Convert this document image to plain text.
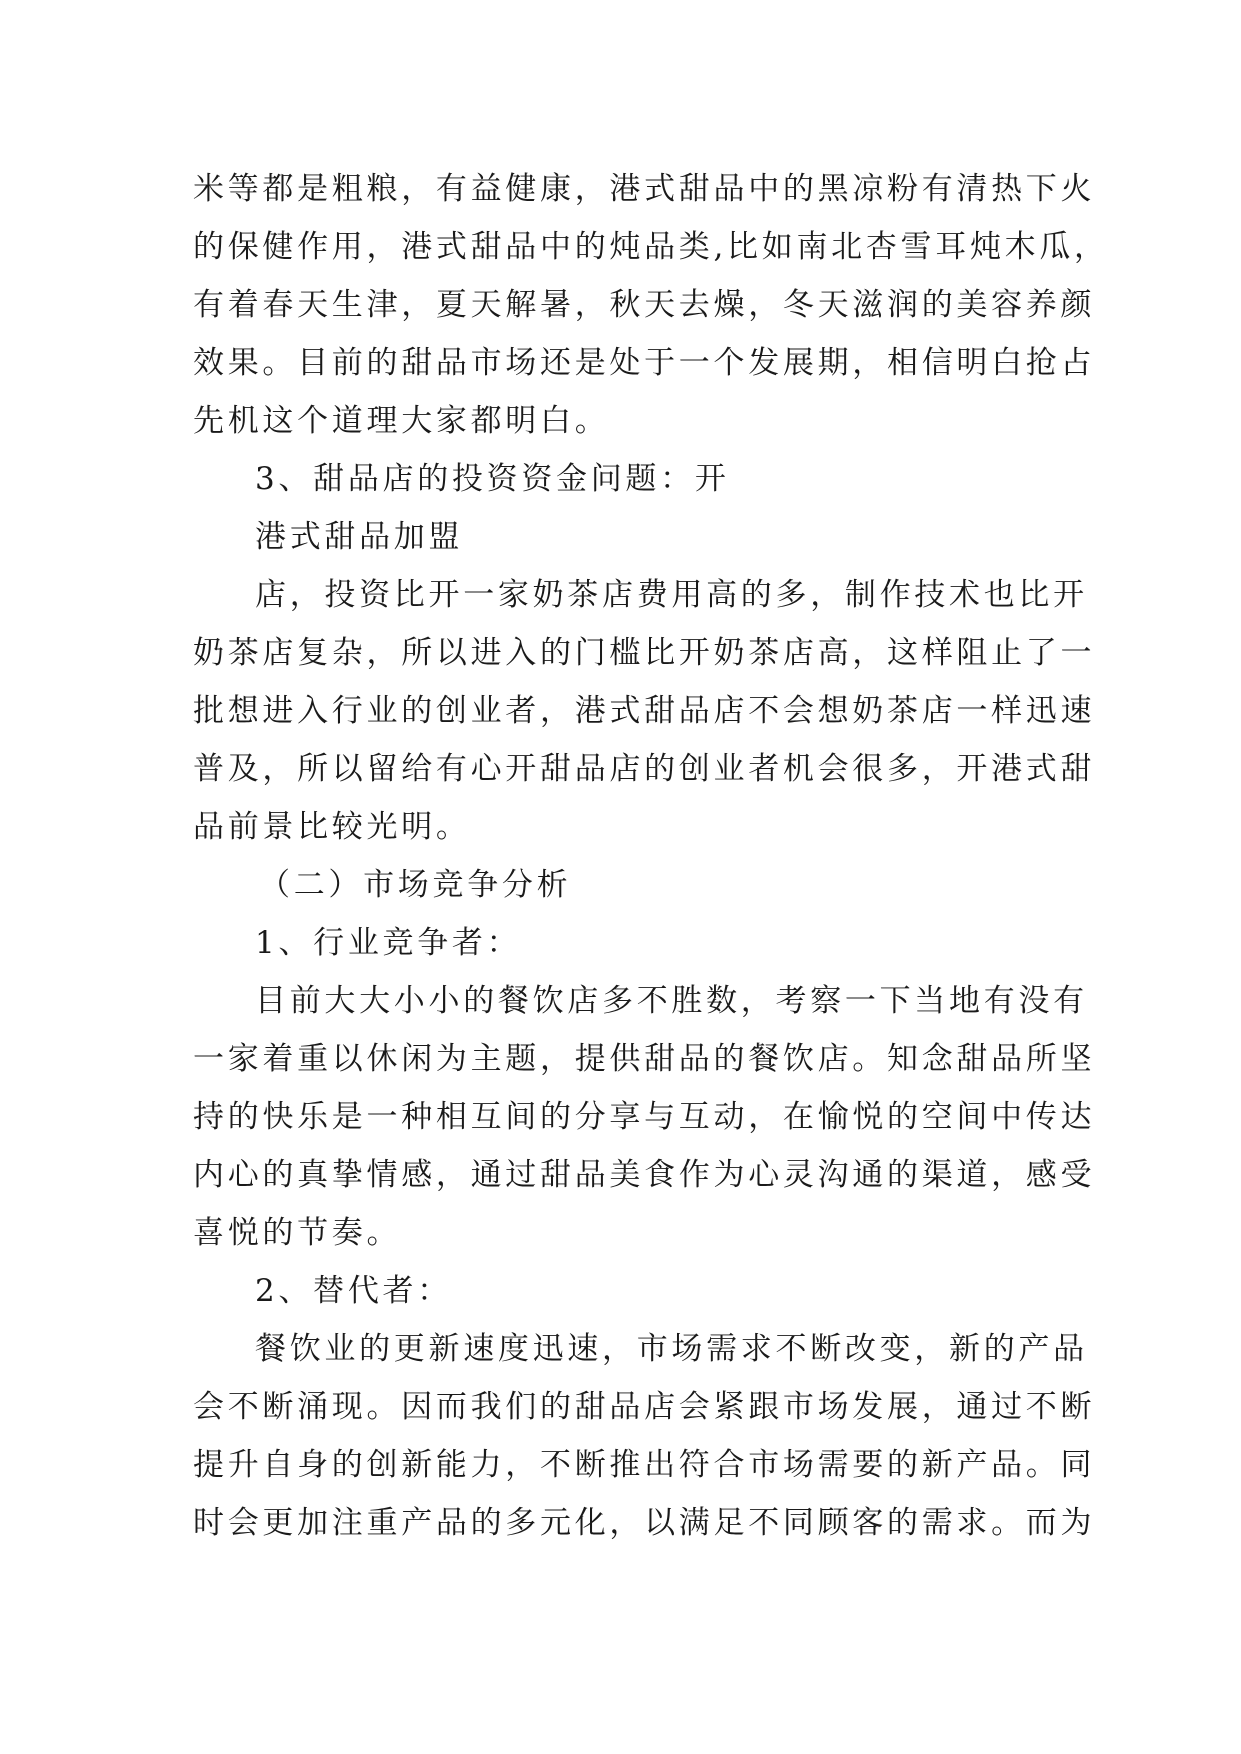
米等都是粗粮，有益健康，港式甜品中的黑凉粉有清热下火
的保健作用，港式甜品中的炖品类,比如南北杏雪耳炖木瓜，
有着春天生津，夏天解暑，秋天去燥，冬天滋润的美容养颜
效果。目前的甜品市场还是处于一个发展期，相信明白抢占
先机这个道理大家都明白。
3、甜品店的投资资金问题：开
港式甜品加盟
店，投资比开一家奶茶店费用高的多，制作技术也比开
奶茶店复杂，所以进入的门槛比开奶茶店高，这样阻止了一
批想进入行业的创业者，港式甜品店不会想奶茶店一样迅速
普及，所以留给有心开甜品店的创业者机会很多，开港式甜
品前景比较光明。
（二）市场竞争分析
1、行业竞争者：
目前大大小小的餐饮店多不胜数，考察一下当地有没有
一家着重以休闲为主题，提供甜品的餐饮店。知念甜品所坚
持的快乐是一种相互间的分享与互动，在愉悦的空间中传达
内心的真挚情感，通过甜品美食作为心灵沟通的渠道，感受
喜悦的节奏。
2、替代者：
餐饮业的更新速度迅速，市场需求不断改变，新的产品
会不断涌现。因而我们的甜品店会紧跟市场发展，通过不断
提升自身的创新能力，不断推出符合市场需要的新产品。同
时会更加注重产品的多元化，以满足不同顾客的需求。而为
